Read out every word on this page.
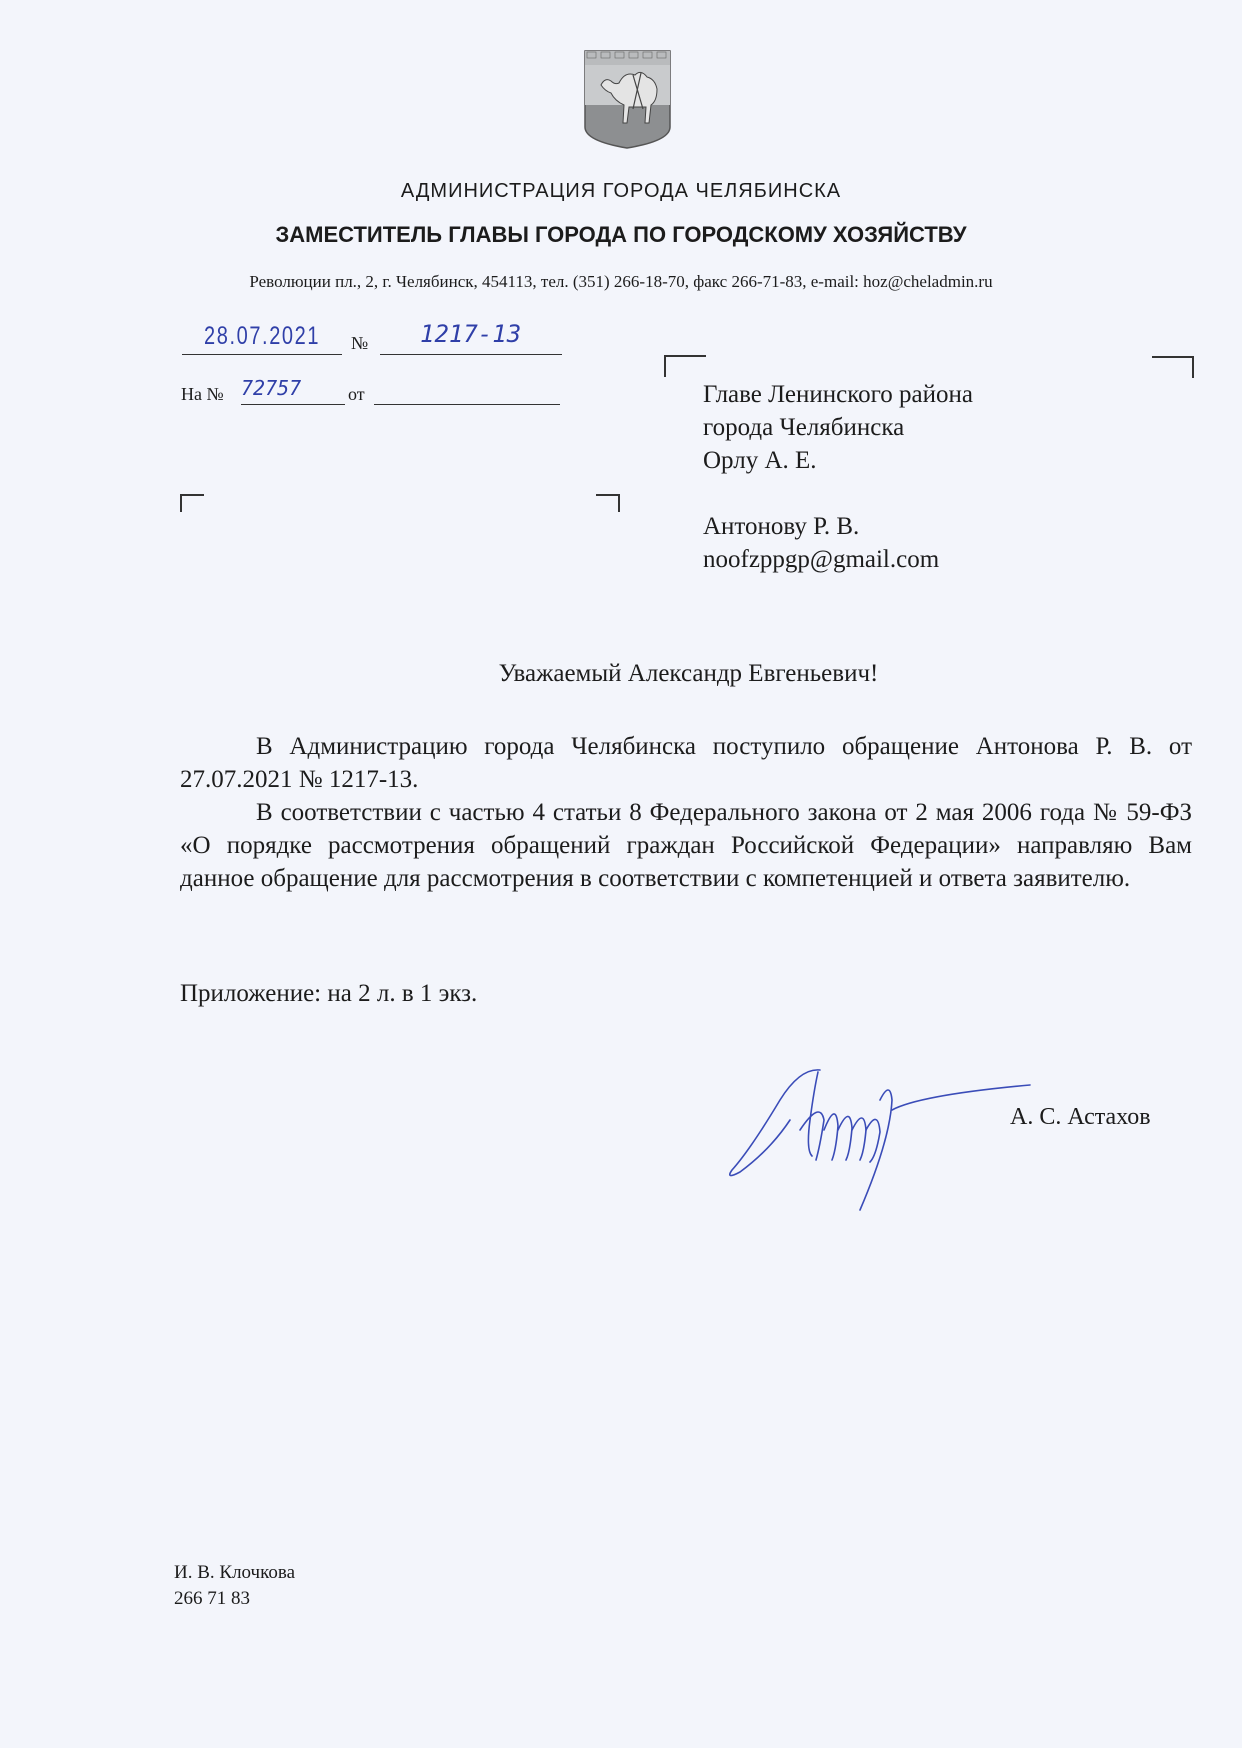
АДМИНИСТРАЦИЯ ГОРОДА ЧЕЛЯБИНСКА
ЗАМЕСТИТЕЛЬ ГЛАВЫ ГОРОДА ПО ГОРОДСКОМУ ХОЗЯЙСТВУ
Революции пл., 2, г. Челябинск, 454113, тел. (351) 266-18-70, факс 266-71-83, e-mail: hoz@cheladmin.ru
28.07.2021 № 1217-13
На № 72757	от	Главе Ленинского района
города Челябинска
Орлу А. Е.
Антонову Р. В.
noofzppgp@gmail.com
Уважаемый Александр Евгеньевич!

В Администрацию города Челябинска поступило обращение Антонова Р. В. от 27.07.2021 № 1217-13.

В соответствии с частью 4 статьи 8 Федерального закона от 2 мая 2006 года № 59-ФЗ «О порядке рассмотрения обращений граждан Российской Федерации» направляю Вам данное обращение для рассмотрения в соответствии с компетенцией и ответа заявителю.

Приложение: на 2 л. в 1 экз.
А. С. Астахов
И. В. Клочкова
266 71 83
